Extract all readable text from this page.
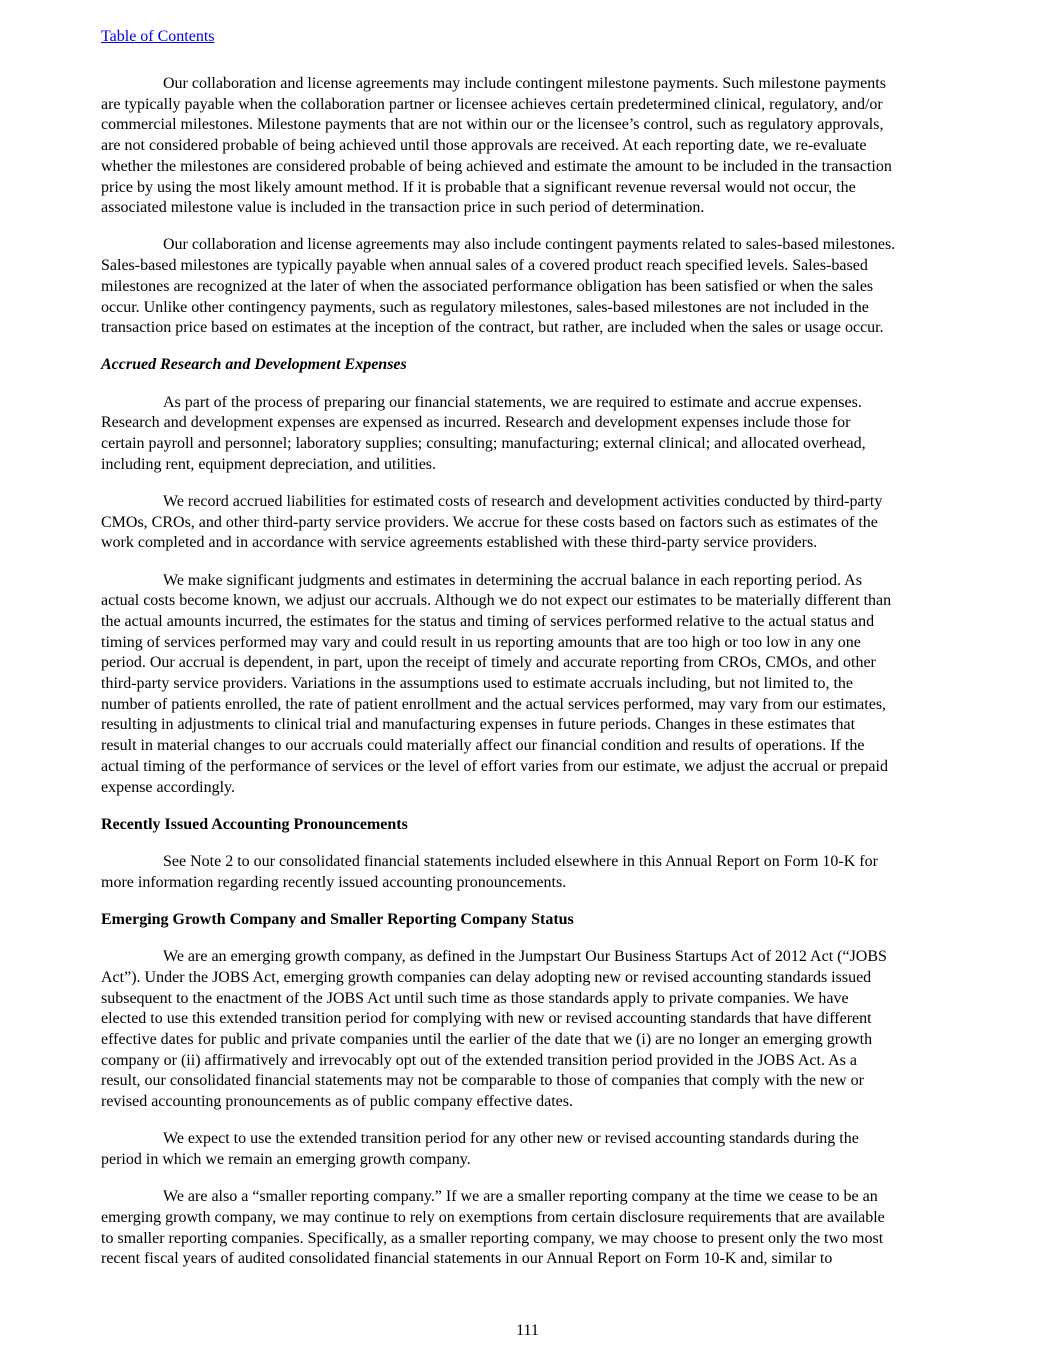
Table of Contents
Our collaboration and license agreements may include contingent milestone payments. Such milestone payments
are typically payable when the collaboration partner or licensee achieves certain predetermined clinical, regulatory, and/or
commercial milestones. Milestone payments that are not within our or the licensee’s control, such as regulatory approvals,
are not considered probable of being achieved until those approvals are received. At each reporting date, we re-evaluate
whether the milestones are considered probable of being achieved and estimate the amount to be included in the transaction
price by using the most likely amount method. If it is probable that a significant revenue reversal would not occur, the
associated milestone value is included in the transaction price in such period of determination.
Our collaboration and license agreements may also include contingent payments related to sales-based milestones.
Sales-based milestones are typically payable when annual sales of a covered product reach specified levels. Sales-based
milestones are recognized at the later of when the associated performance obligation has been satisfied or when the sales
occur. Unlike other contingency payments, such as regulatory milestones, sales-based milestones are not included in the
transaction price based on estimates at the inception of the contract, but rather, are included when the sales or usage occur.
Accrued Research and Development Expenses
As part of the process of preparing our financial statements, we are required to estimate and accrue expenses.
Research and development expenses are expensed as incurred. Research and development expenses include those for
certain payroll and personnel; laboratory supplies; consulting; manufacturing; external clinical; and allocated overhead,
including rent, equipment depreciation, and utilities.
We record accrued liabilities for estimated costs of research and development activities conducted by third-party
CMOs, CROs, and other third-party service providers. We accrue for these costs based on factors such as estimates of the
work completed and in accordance with service agreements established with these third-party service providers.
We make significant judgments and estimates in determining the accrual balance in each reporting period. As
actual costs become known, we adjust our accruals. Although we do not expect our estimates to be materially different than
the actual amounts incurred, the estimates for the status and timing of services performed relative to the actual status and
timing of services performed may vary and could result in us reporting amounts that are too high or too low in any one
period. Our accrual is dependent, in part, upon the receipt of timely and accurate reporting from CROs, CMOs, and other
third-party service providers. Variations in the assumptions used to estimate accruals including, but not limited to, the
number of patients enrolled, the rate of patient enrollment and the actual services performed, may vary from our estimates,
resulting in adjustments to clinical trial and manufacturing expenses in future periods. Changes in these estimates that
result in material changes to our accruals could materially affect our financial condition and results of operations. If the
actual timing of the performance of services or the level of effort varies from our estimate, we adjust the accrual or prepaid
expense accordingly.
Recently Issued Accounting Pronouncements
See Note 2 to our consolidated financial statements included elsewhere in this Annual Report on Form 10-K for
more information regarding recently issued accounting pronouncements.
Emerging Growth Company and Smaller Reporting Company Status
We are an emerging growth company, as defined in the Jumpstart Our Business Startups Act of 2012 Act (“JOBS
Act”). Under the JOBS Act, emerging growth companies can delay adopting new or revised accounting standards issued
subsequent to the enactment of the JOBS Act until such time as those standards apply to private companies. We have
elected to use this extended transition period for complying with new or revised accounting standards that have different
effective dates for public and private companies until the earlier of the date that we (i) are no longer an emerging growth
company or (ii) affirmatively and irrevocably opt out of the extended transition period provided in the JOBS Act. As a
result, our consolidated financial statements may not be comparable to those of companies that comply with the new or
revised accounting pronouncements as of public company effective dates.
We expect to use the extended transition period for any other new or revised accounting standards during the
period in which we remain an emerging growth company.
We are also a “smaller reporting company.” If we are a smaller reporting company at the time we cease to be an
emerging growth company, we may continue to rely on exemptions from certain disclosure requirements that are available
to smaller reporting companies. Specifically, as a smaller reporting company, we may choose to present only the two most
recent fiscal years of audited consolidated financial statements in our Annual Report on Form 10-K and, similar to
111
